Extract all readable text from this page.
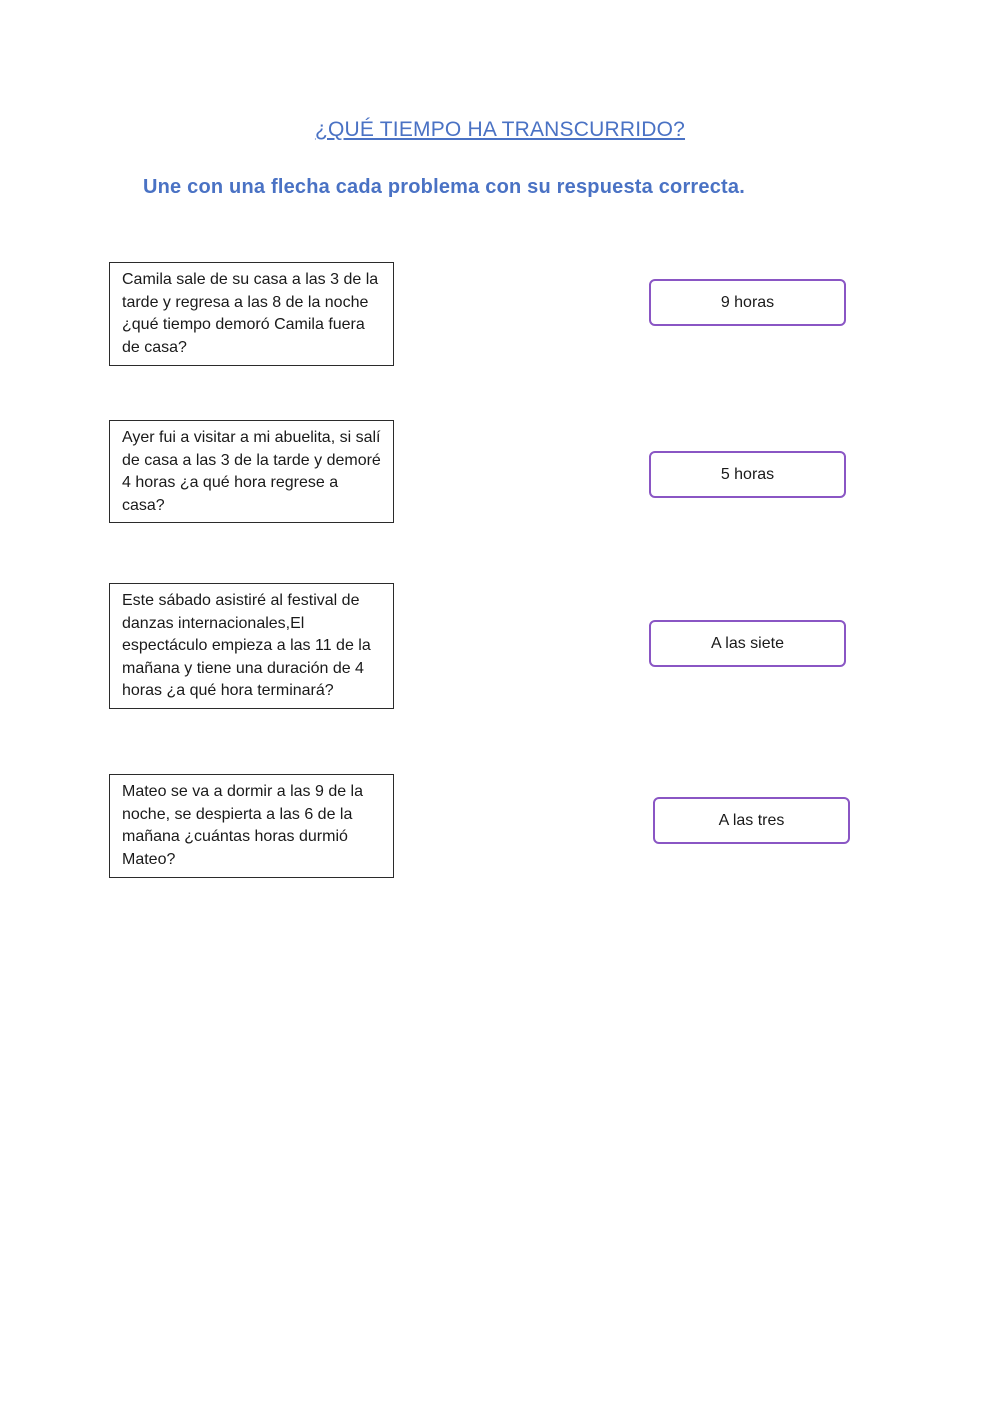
¿QUÉ TIEMPO HA TRANSCURRIDO?
Une con una flecha cada problema con su respuesta correcta.
Camila sale de su casa a las 3 de la tarde y regresa a las 8 de la noche ¿qué tiempo demoró Camila fuera de casa?
Ayer fui a visitar a mi abuelita, si salí de casa a las 3 de la tarde y demoré 4 horas ¿a qué hora regrese a casa?
Este sábado asistiré al festival de danzas internacionales,El espectáculo empieza a las 11 de la mañana y tiene una duración de 4 horas ¿a qué hora terminará?
Mateo se va a dormir a las 9 de la noche, se despierta a las 6 de la mañana ¿cuántas horas durmió Mateo?
9 horas
5 horas
A las siete
A las tres
